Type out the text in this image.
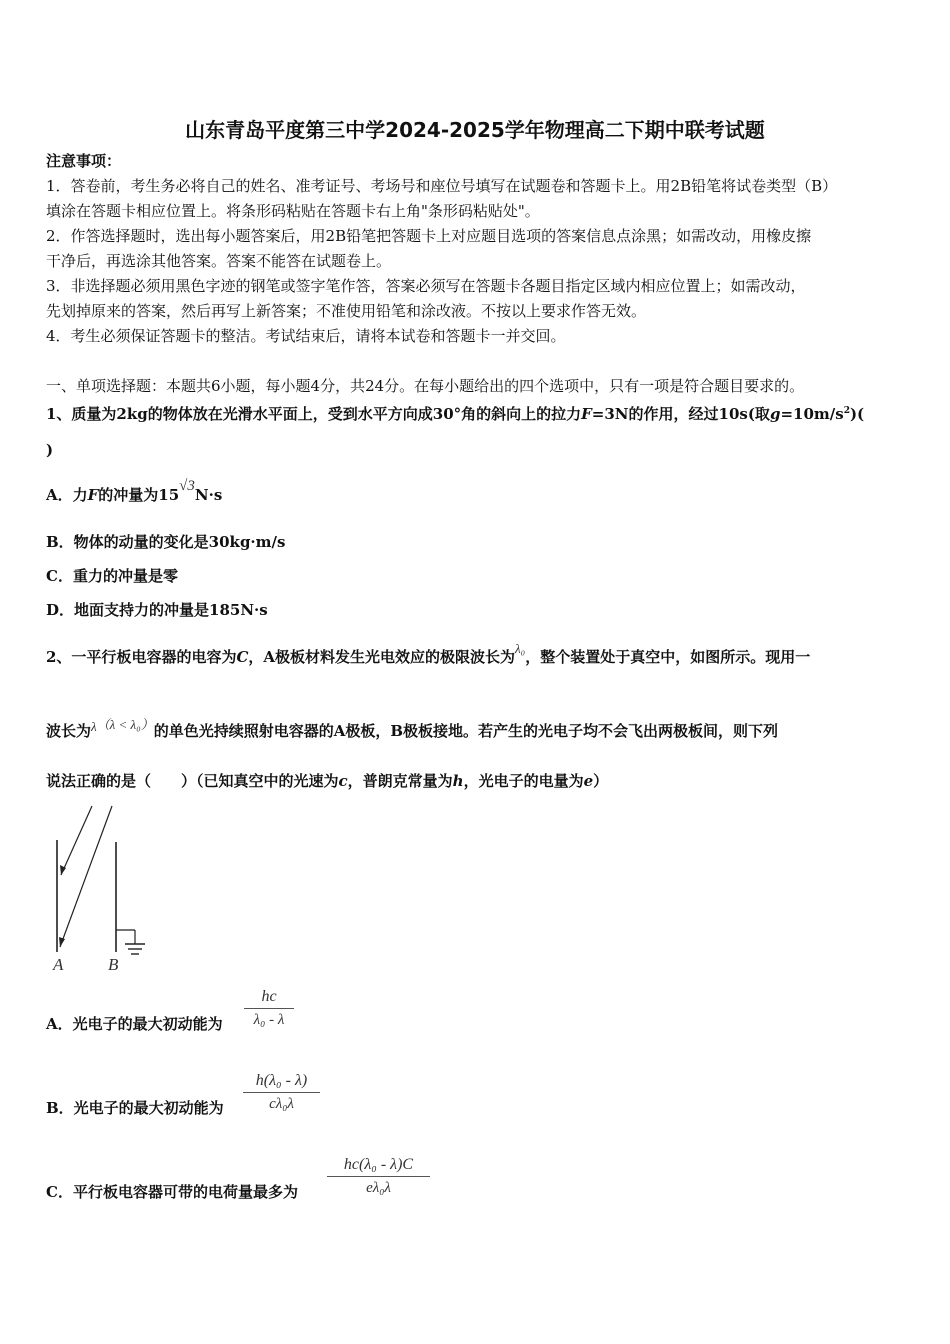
山东青岛平度第三中学2024-2025学年物理高二下期中联考试题
注意事项：
1．答卷前，考生务必将自己的姓名、准考证号、考场号和座位号填写在试题卷和答题卡上。用2B铅笔将试卷类型（B）
填涂在答题卡相应位置上。将条形码粘贴在答题卡右上角"条形码粘贴处"。
2．作答选择题时，选出每小题答案后，用2B铅笔把答题卡上对应题目选项的答案信息点涂黑；如需改动，用橡皮擦
干净后，再选涂其他答案。答案不能答在试题卷上。
3．非选择题必须用黑色字迹的钢笔或签字笔作答，答案必须写在答题卡各题目指定区域内相应位置上；如需改动，
先划掉原来的答案，然后再写上新答案；不准使用铅笔和涂改液。不按以上要求作答无效。
4．考生必须保证答题卡的整洁。考试结束后，请将本试卷和答题卡一并交回。
一、单项选择题：本题共6小题，每小题4分，共24分。在每小题给出的四个选项中，只有一项是符合题目要求的。
1、质量为2kg的物体放在光滑水平面上，受到水平方向成30°角的斜向上的拉力F=3N的作用，经过10s(取$g=10m/s^2$)(
)
A．力F的冲量为15√3N·s
B．物体的动量的变化是30kg·m/s
C．重力的冲量是零
D．地面支持力的冲量是185N·s
2、一平行板电容器的电容为C，A极板材料发生光电效应的极限波长为λ₀，整个装置处于真空中，如图所示。现用一
波长为λ（λ < λ₀）的单色光持续照射电容器的A极板，B极板接地。若产生的光电子均不会飞出两极板间，则下列
说法正确的是（　　）（已知真空中的光速为c，普朗克常量为h，光电子的电量为e）
A	B
A．光电子的最大初动能为
hc
λ₀ - λ
B．光电子的最大初动能为
h(λ₀ - λ)
cλ₀λ
C．平行板电容器可带的电荷量最多为
hc(λ₀ - λ)C
eλ₀λ
